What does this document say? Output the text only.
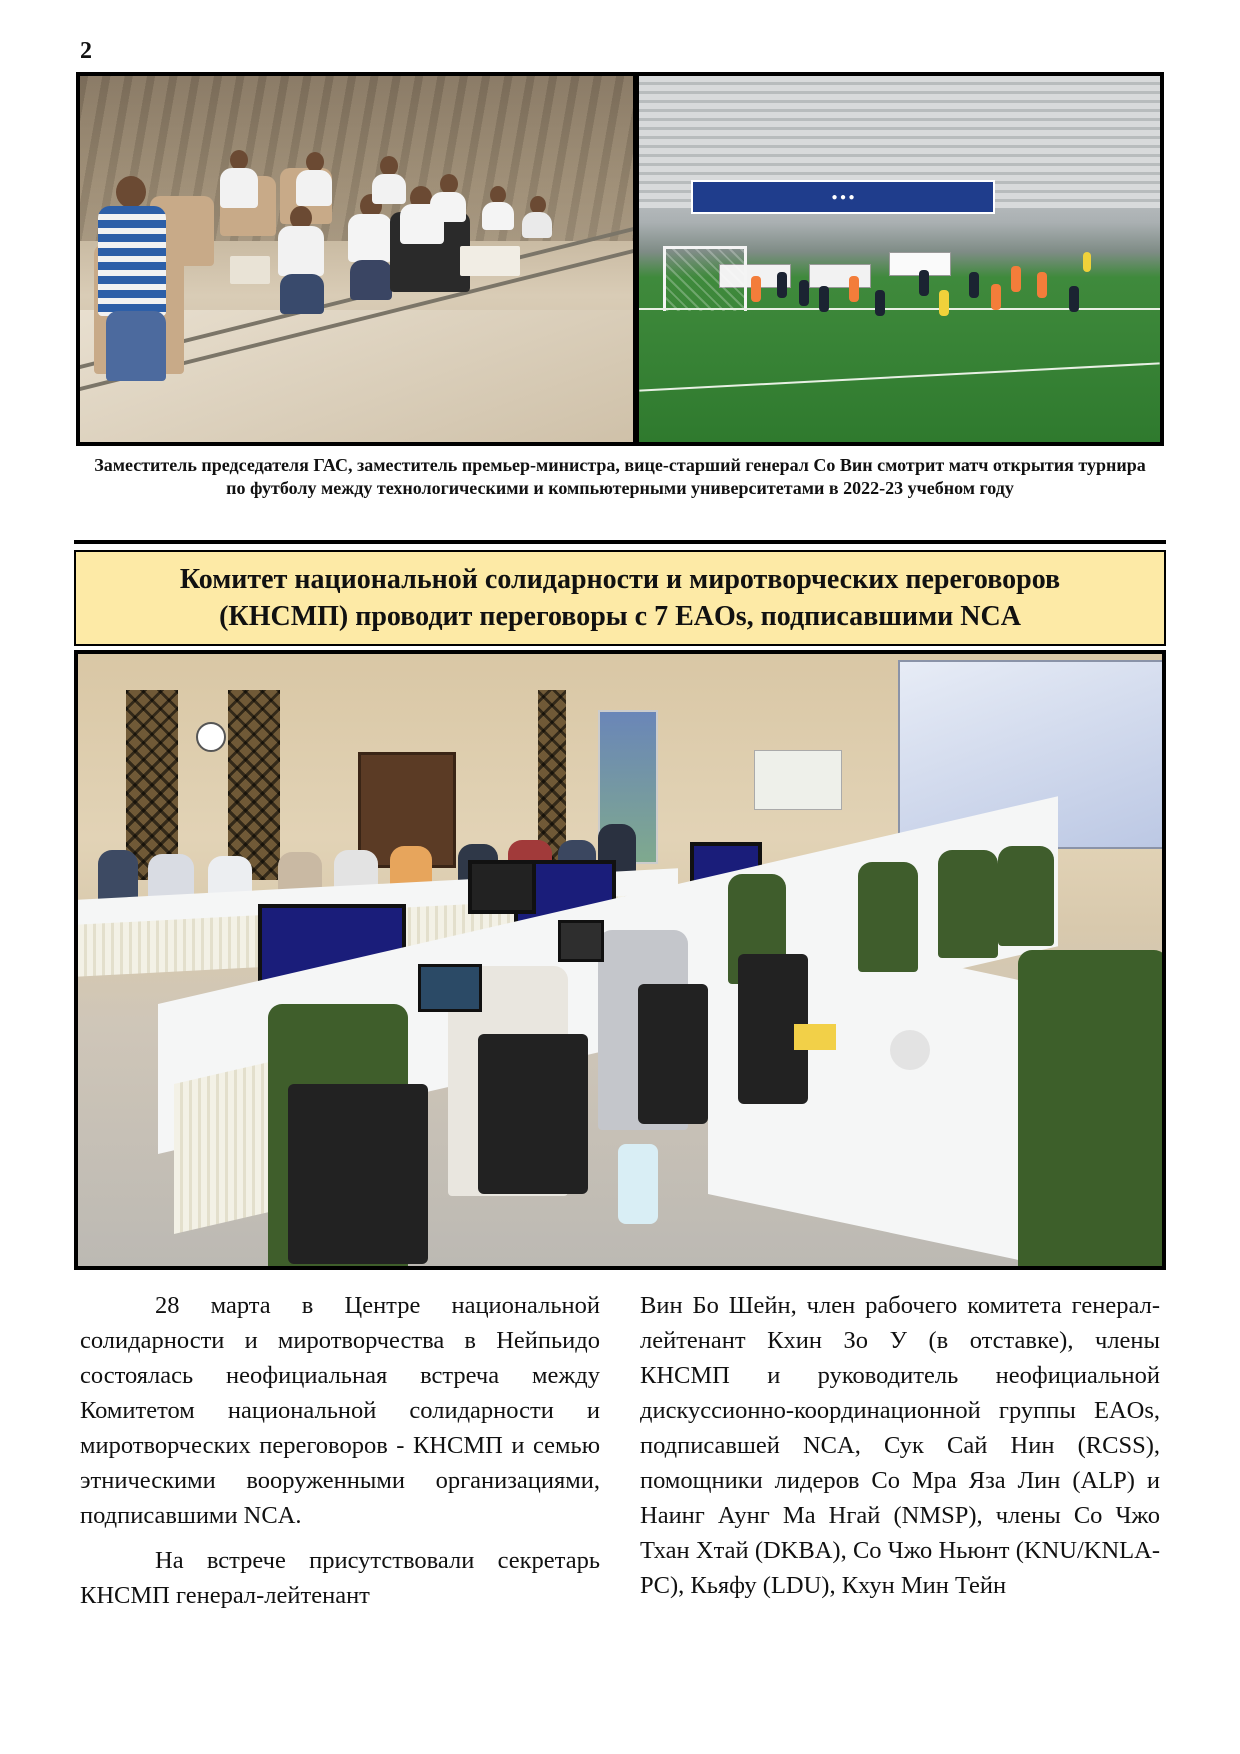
2
● ● ●
Заместитель председателя ГАС, заместитель премьер-министра, вице-старший генерал Со Вин смотрит матч открытия турнира по футболу между технологическими и компьютерными университетами в 2022-23 учебном году
Комитет национальной солидарности и миротворческих переговоров (КНСМП) проводит переговоры с 7 EAOs, подписавшими NCA

28 марта в Центре национальной солидарности и миротворчества в Нейпьидо состоялась неофициальная встреча между Комитетом национальной солидарности и миротворческих переговоров - КНСМП и семью этническими вооруженными организациями, подписавшими NCA.

На встрече присутствовали секретарь КНСМП генерал-лейтенант

Вин Бо Шейн, член рабочего комитета генерал-лейтенант Кхин Зо У (в отставке), члены КНСМП и руководитель неофициальной дискуссионно-координационной группы EAOs, подписавшей NCA, Сук Сай Нин (RCSS), помощники лидеров Со Мра Яза Лин (ALP) и Наинг Аунг Ма Нгай (NMSP), члены Со Чжо Тхан Хтай (DKBA), Со Чжо Ньюнт (KNU/KNLA-PC), Кьяфу (LDU), Кхун Мин Тейн
